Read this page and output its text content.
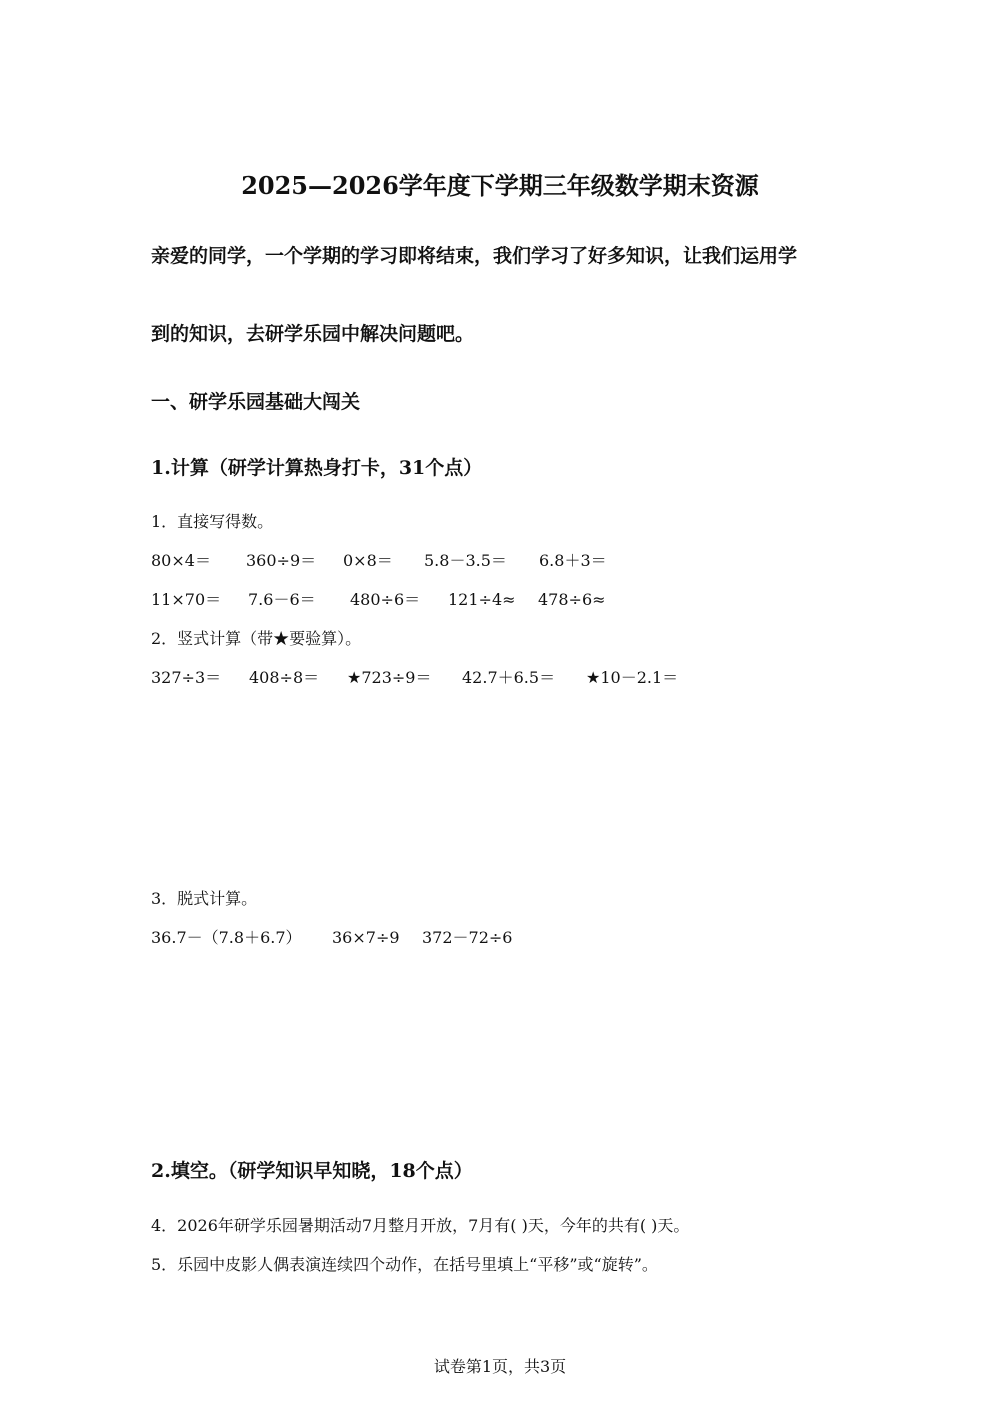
2025—2026学年度下学期三年级数学期末资源

亲爱的同学，一个学期的学习即将结束，我们学习了好多知识，让我们运用学

到的知识，去研学乐园中解决问题吧。

一、研学乐园基础大闯关
1.计算（研学计算热身打卡，31个点）

1．直接写得数。

80×4＝ 360÷9＝ 0×8＝ 5.8－3.5＝ 6.8＋3＝
11×70＝ 7.6－6＝ 480÷6＝ 121÷4≈ 478÷6≈

2．竖式计算（带★要验算）。

327÷3＝ 408÷8＝ ★723÷9＝ 42.7＋6.5＝ ★10－2.1＝

3．脱式计算。

36.7－（7.8＋6.7） 36×7÷9 372－72÷6
2.填空。（研学知识早知晓，18个点）

4．2026年研学乐园暑期活动7月整月开放，7月有( )天，今年的共有( )天。

5．乐园中皮影人偶表演连续四个动作，在括号里填上“平移”或“旋转”。

试卷第1页，共3页
